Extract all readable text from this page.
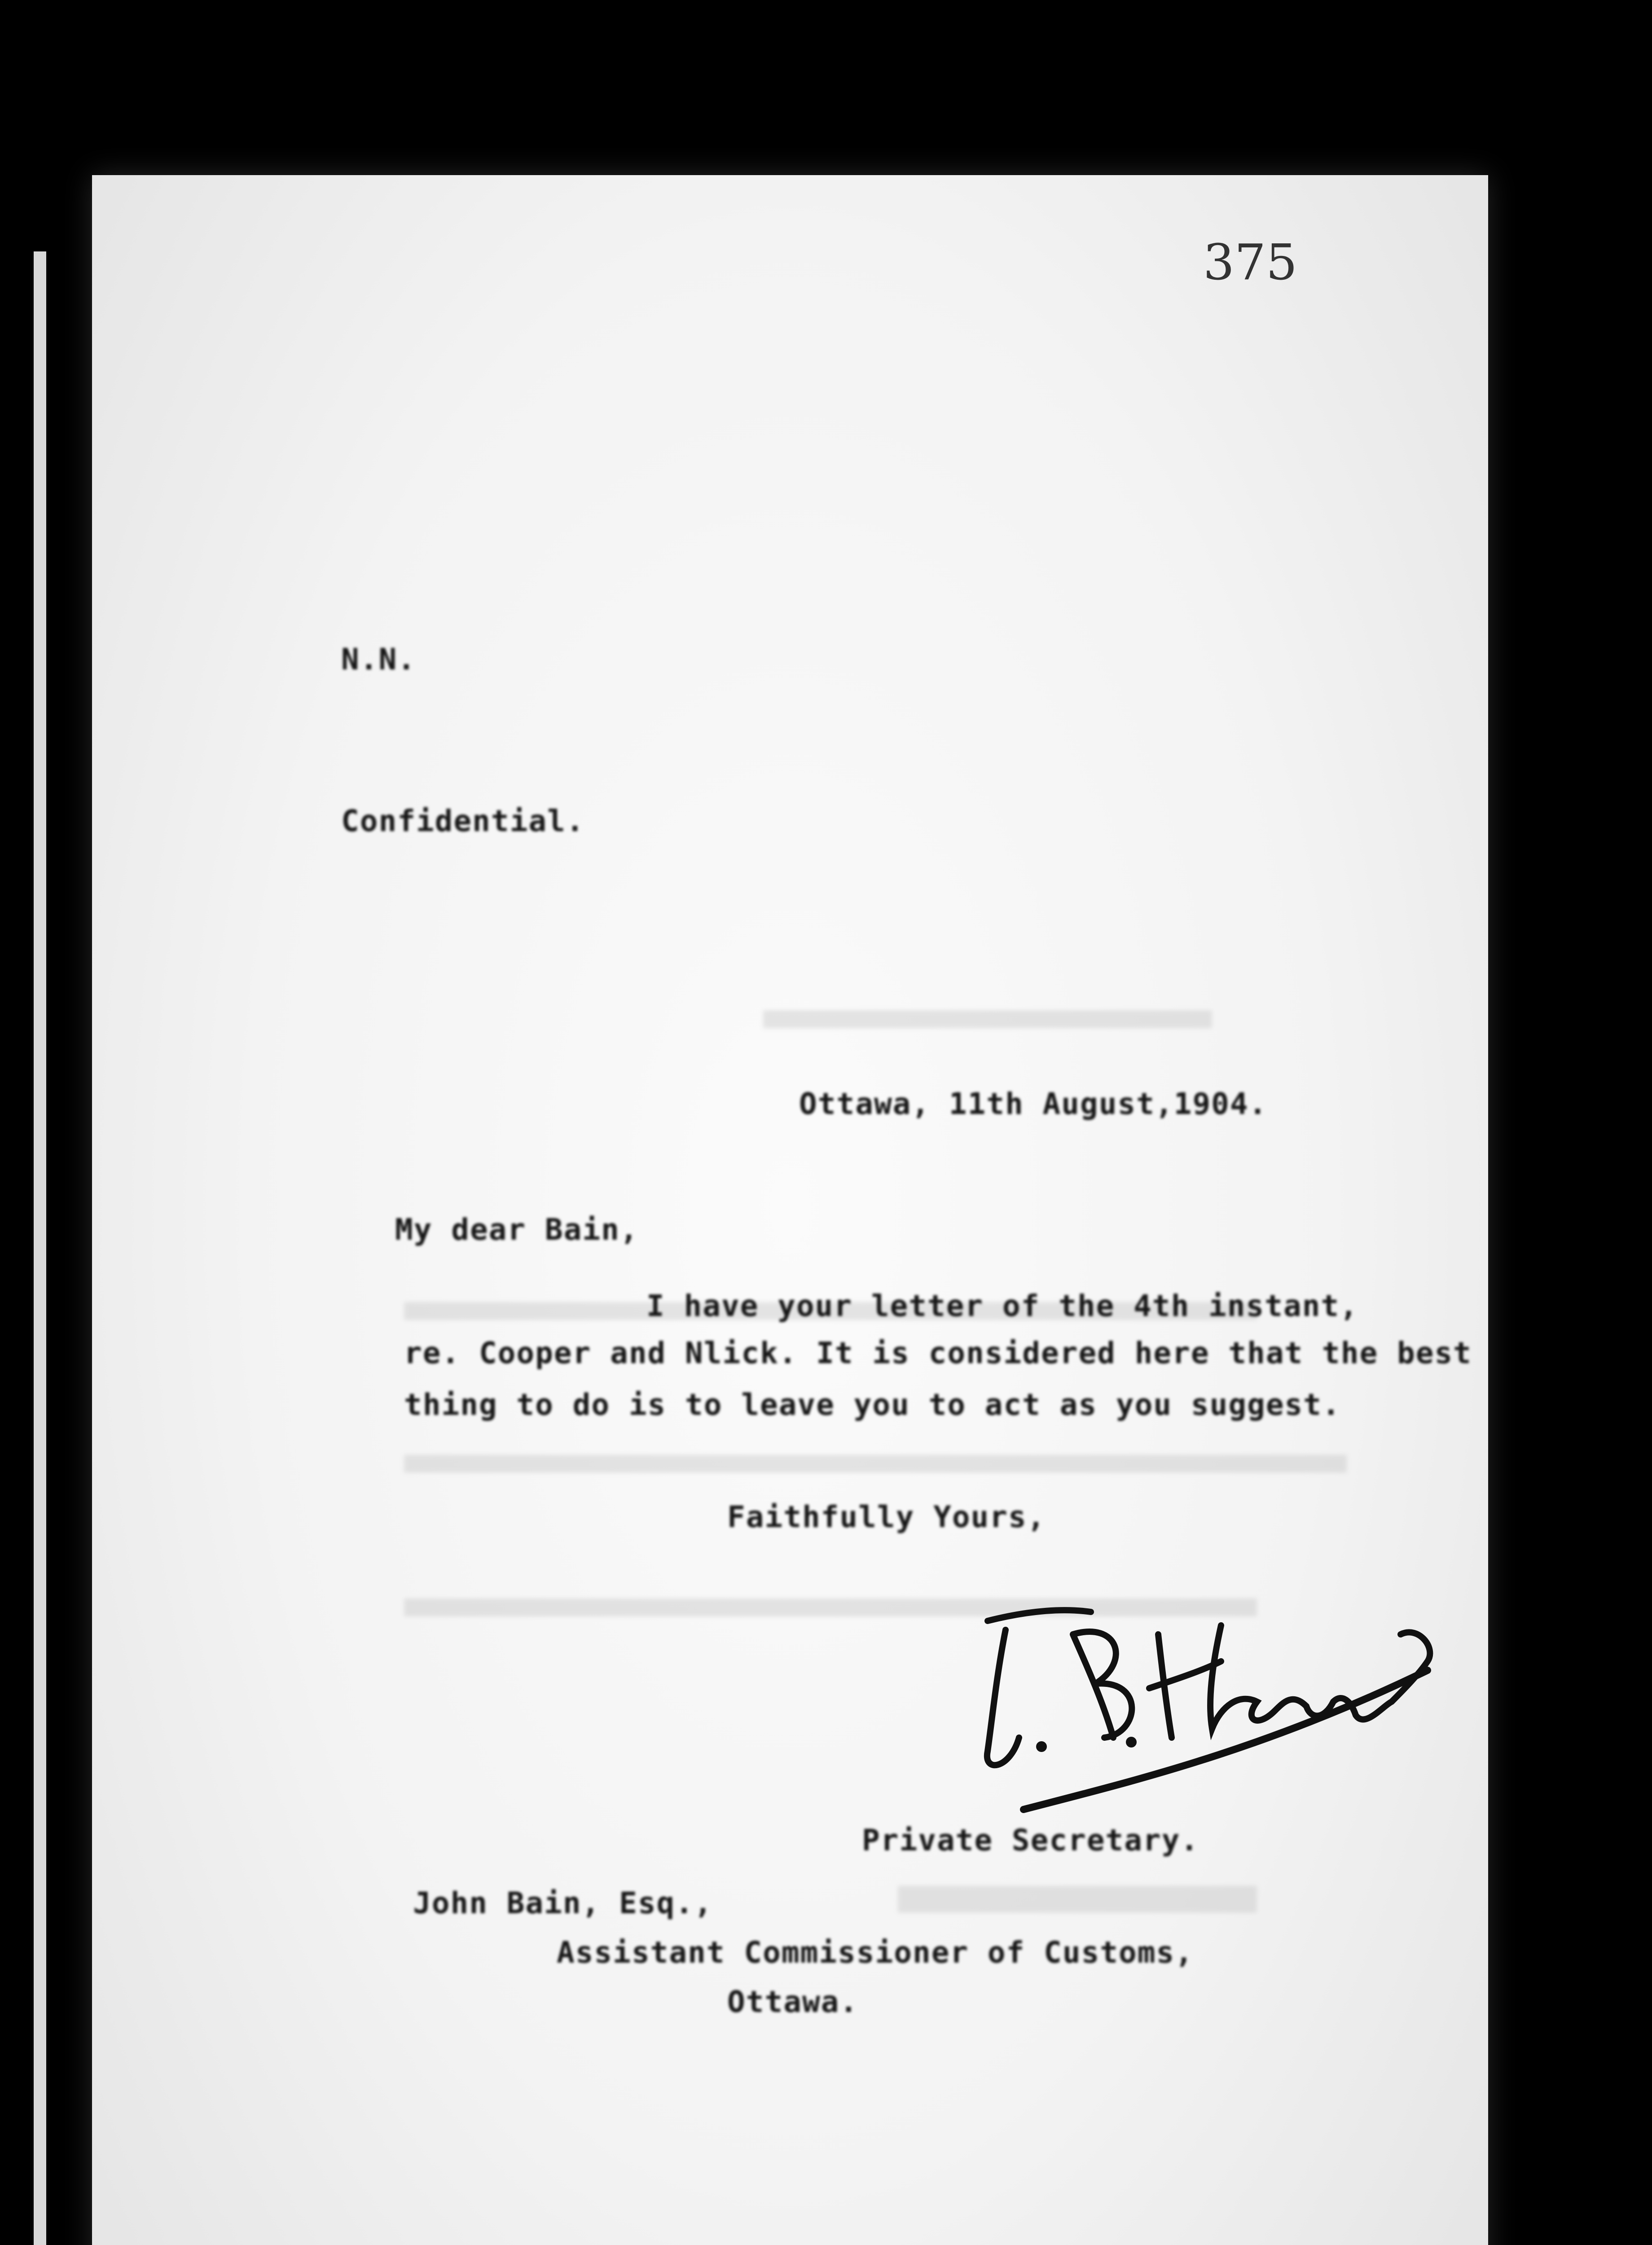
375
N.N.
Confidential.
Ottawa, 11th August,1904.
My dear Bain,
I have your letter of the 4th instant,
re. Cooper and Nlick. It is considered here that the best
thing to do is to leave you to act as you suggest.
Faithfully Yours,
Private Secretary.
John Bain, Esq.,
Assistant Commissioner of Customs,
Ottawa.
